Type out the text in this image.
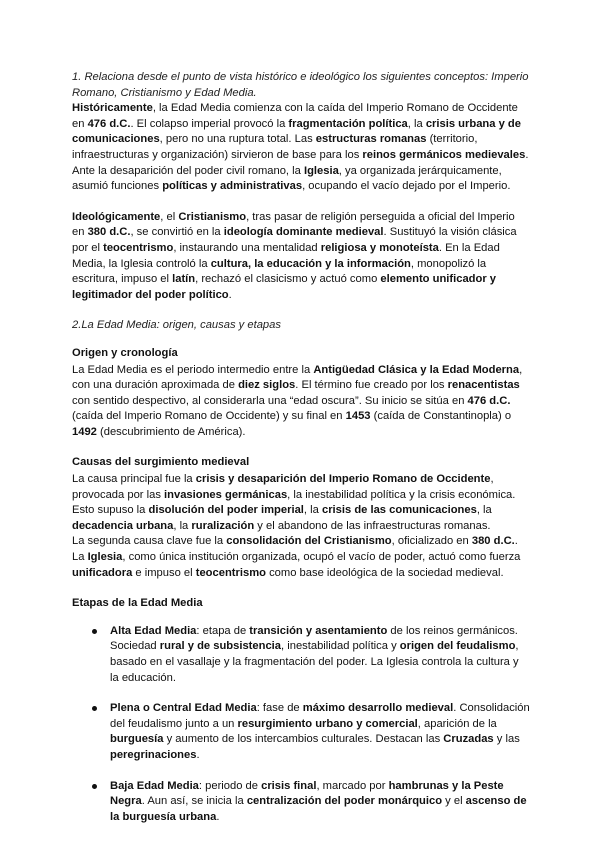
1. Relaciona desde el punto de vista histórico e ideológico los siguientes conceptos: Imperio Romano, Cristianismo y Edad Media.

Históricamente, la Edad Media comienza con la caída del Imperio Romano de Occidente en 476 d.C.. El colapso imperial provocó la fragmentación política, la crisis urbana y de comunicaciones, pero no una ruptura total. Las estructuras romanas (territorio, infraestructuras y organización) sirvieron de base para los reinos germánicos medievales. Ante la desaparición del poder civil romano, la Iglesia, ya organizada jerárquicamente, asumió funciones políticas y administrativas, ocupando el vacío dejado por el Imperio.

Ideológicamente, el Cristianismo, tras pasar de religión perseguida a oficial del Imperio en 380 d.C., se convirtió en la ideología dominante medieval. Sustituyó la visión clásica por el teocentrismo, instaurando una mentalidad religiosa y monoteísta. En la Edad Media, la Iglesia controló la cultura, la educación y la información, monopolizó la escritura, impuso el latín, rechazó el clasicismo y actuó como elemento unificador y legitimador del poder político.

2.La Edad Media: origen, causas y etapas

Origen y cronología

La Edad Media es el periodo intermedio entre la Antigüedad Clásica y la Edad Moderna, con una duración aproximada de diez siglos. El término fue creado por los renacentistas con sentido despectivo, al considerarla una “edad oscura”. Su inicio se sitúa en 476 d.C. (caída del Imperio Romano de Occidente) y su final en 1453 (caída de Constantinopla) o 1492 (descubrimiento de América).

Causas del surgimiento medieval

La causa principal fue la crisis y desaparición del Imperio Romano de Occidente, provocada por las invasiones germánicas, la inestabilidad política y la crisis económica. Esto supuso la disolución del poder imperial, la crisis de las comunicaciones, la decadencia urbana, la ruralización y el abandono de las infraestructuras romanas.

La segunda causa clave fue la consolidación del Cristianismo, oficializado en 380 d.C.. La Iglesia, como única institución organizada, ocupó el vacío de poder, actuó como fuerza unificadora e impuso el teocentrismo como base ideológica de la sociedad medieval.

Etapas de la Edad Media

Alta Edad Media: etapa de transición y asentamiento de los reinos germánicos. Sociedad rural y de subsistencia, inestabilidad política y origen del feudalismo, basado en el vasallaje y la fragmentación del poder. La Iglesia controla la cultura y la educación.
Plena o Central Edad Media: fase de máximo desarrollo medieval. Consolidación del feudalismo junto a un resurgimiento urbano y comercial, aparición de la burguesía y aumento de los intercambios culturales. Destacan las Cruzadas y las peregrinaciones.
Baja Edad Media: periodo de crisis final, marcado por hambrunas y la Peste Negra. Aun así, se inicia la centralización del poder monárquico y el ascenso de la burguesía urbana.
